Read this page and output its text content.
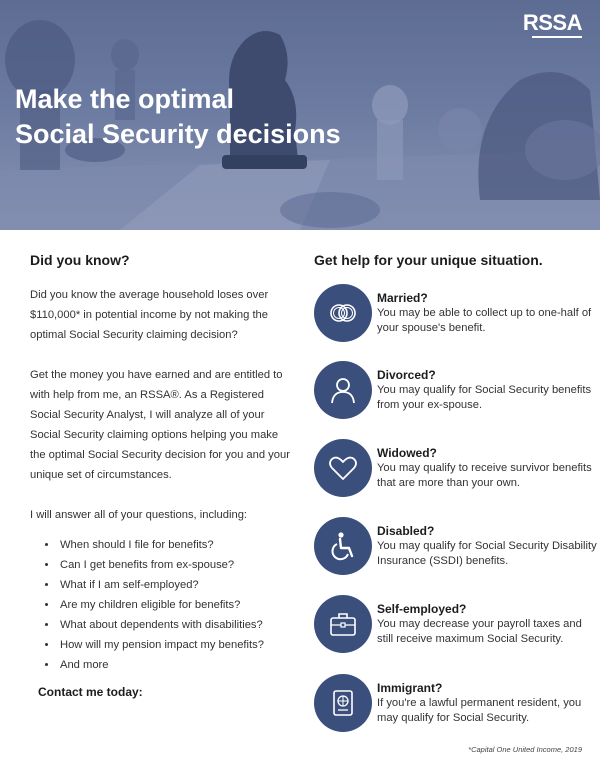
RSSA
Make the optimal
Social Security decisions
Did you know?

Did you know the average household loses over $110,000* in potential income by not making the optimal Social Security claiming decision?

Get the money you have earned and are entitled to with help from me, an RSSA®. As a Registered Social Security Analyst, I will analyze all of your Social Security claiming options helping you make the optimal Social Security decision for you and your unique set of circumstances.

I will answer all of your questions, including:

• When should I file for benefits?
• Can I get benefits from ex-spouse?
• What if I am self-employed?
• Are my children eligible for benefits?
• What about dependents with disabilities?
• How will my pension impact my benefits?
• And more
Contact me today:
Get help for your unique situation.

Married?

You may be able to collect up to one-half of your spouse's benefit.

Divorced?

You may qualify for Social Security benefits from your ex-spouse.

Widowed?

You may qualify to receive survivor benefits that are more than your own.

Disabled?

You may qualify for Social Security Disability Insurance (SSDI) benefits.

Self-employed?

You may decrease your payroll taxes and still receive maximum Social Security.

Immigrant?

If you're a lawful permanent resident, you may qualify for Social Security.

*Capital One United Income, 2019
